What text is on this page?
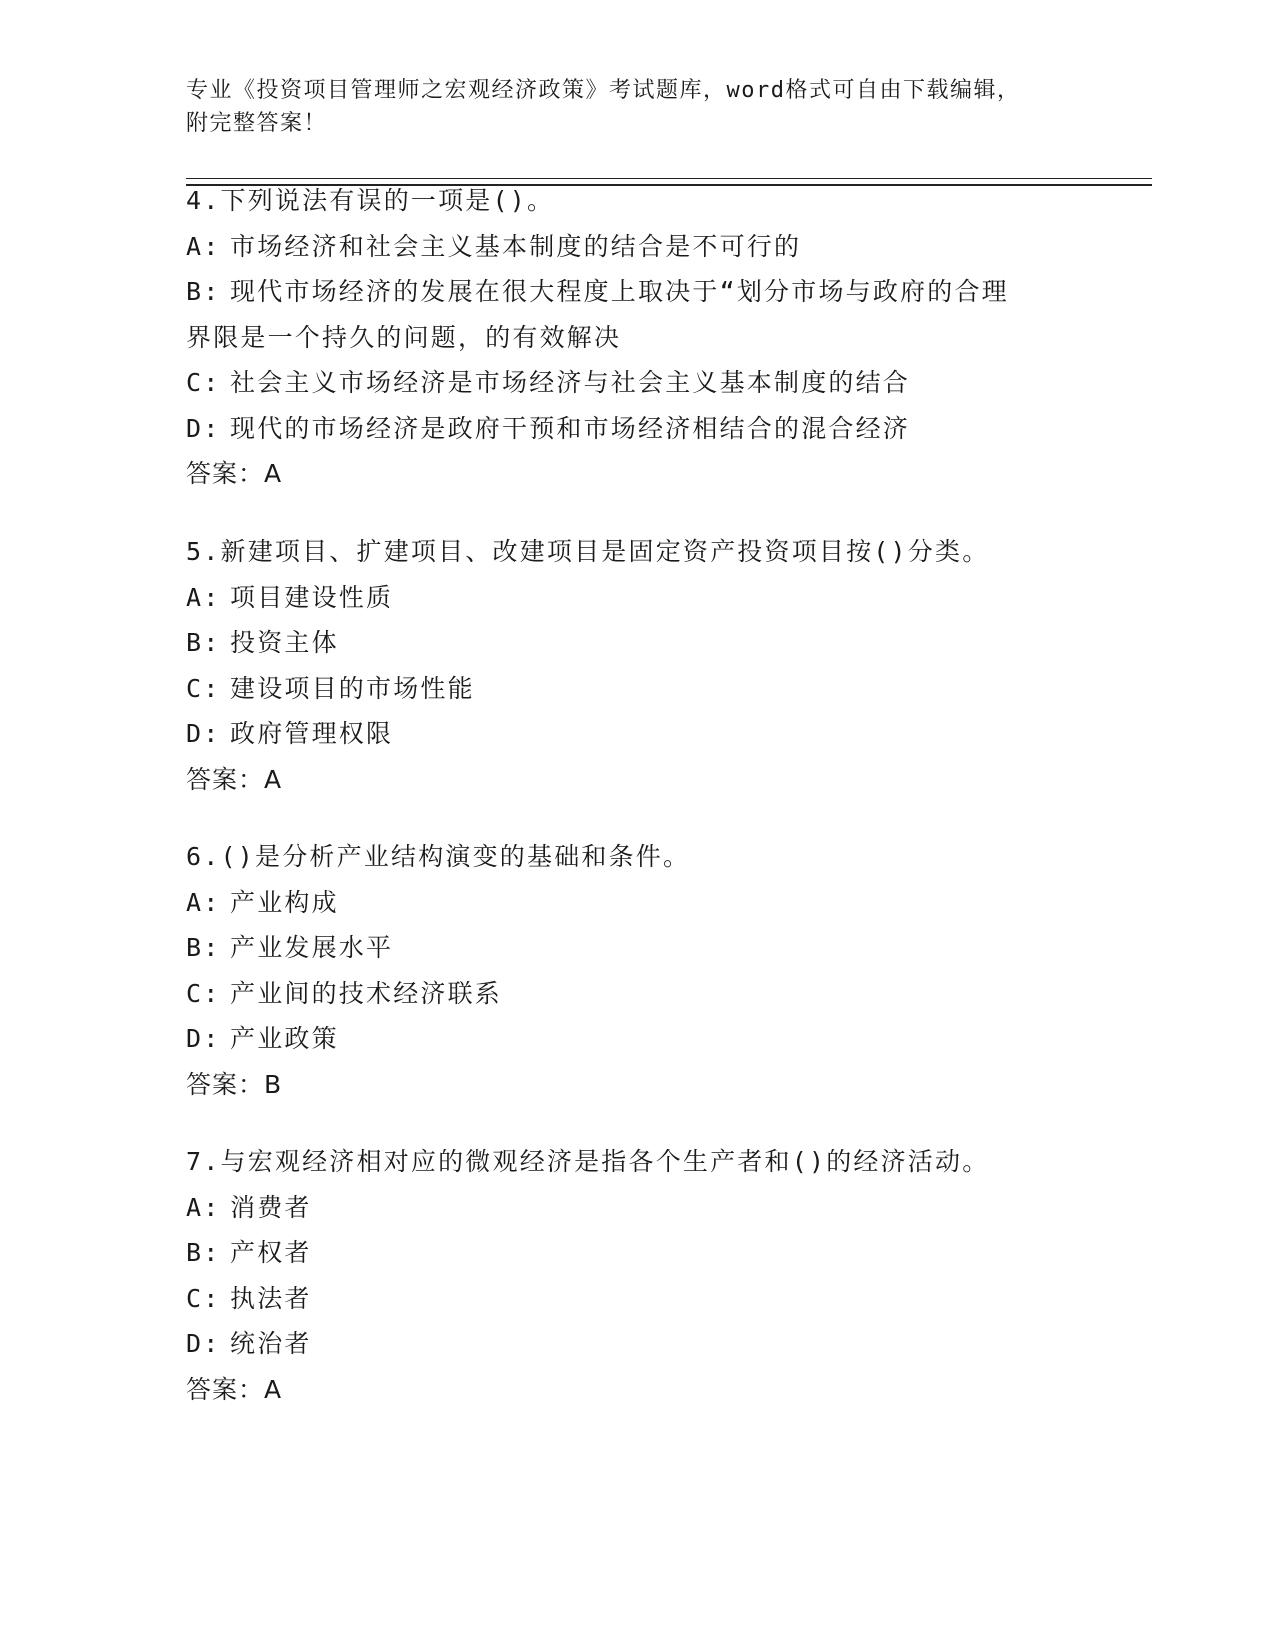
专业《投资项目管理师之宏观经济政策》考试题库，word格式可自由下载编辑，
附完整答案！
4.下列说法有误的一项是()。
A: 市场经济和社会主义基本制度的结合是不可行的
B: 现代市场经济的发展在很大程度上取决于“划分市场与政府的合理
界限是一个持久的问题，的有效解决
C: 社会主义市场经济是市场经济与社会主义基本制度的结合
D: 现代的市场经济是政府干预和市场经济相结合的混合经济
答案：A
5.新建项目、扩建项目、改建项目是固定资产投资项目按()分类。
A: 项目建设性质
B: 投资主体
C: 建设项目的市场性能
D: 政府管理权限
答案：A
6.()是分析产业结构演变的基础和条件。
A: 产业构成
B: 产业发展水平
C: 产业间的技术经济联系
D: 产业政策
答案：B
7.与宏观经济相对应的微观经济是指各个生产者和()的经济活动。
A: 消费者
B: 产权者
C: 执法者
D: 统治者
答案：A
